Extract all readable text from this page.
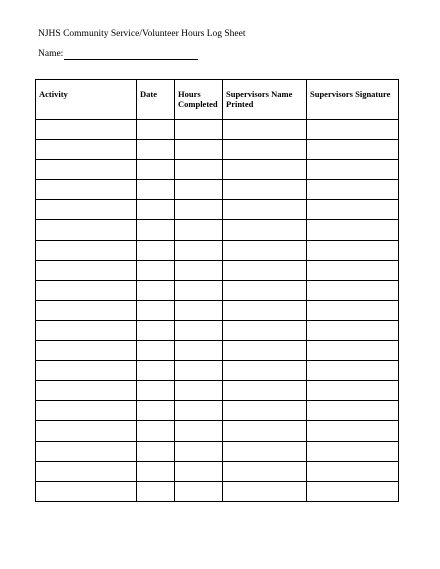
NJHS Community Service/Volunteer Hours Log Sheet
Name:
Activity	Date	Hours Completed	Supervisors Name Printed	Supervisors Signature
